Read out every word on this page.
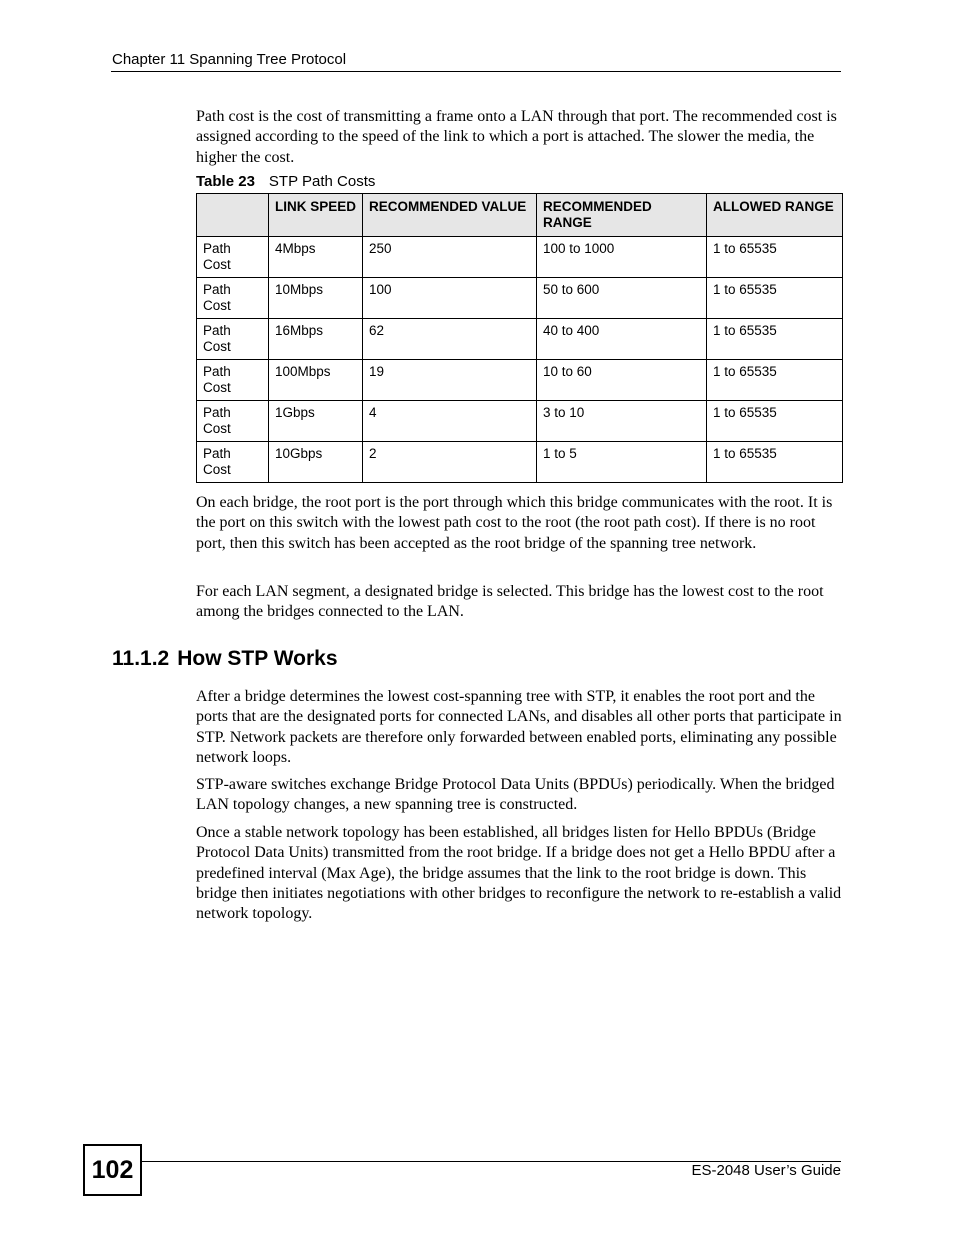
Chapter 11 Spanning Tree Protocol

Path cost is the cost of transmitting a frame onto a LAN through that port. The recommended cost is assigned according to the speed of the link to which a port is attached. The slower the media, the higher the cost.

Table 23 STP Path Costs
	LINK SPEED	RECOMMENDED VALUE	RECOMMENDED RANGE	ALLOWED RANGE
Path Cost	4Mbps	250	100 to 1000	1 to 65535
Path Cost	10Mbps	100	50 to 600	1 to 65535
Path Cost	16Mbps	62	40 to 400	1 to 65535
Path Cost	100Mbps	19	10 to 60	1 to 65535
Path Cost	1Gbps	4	3 to 10	1 to 65535
Path Cost	10Gbps	2	1 to 5	1 to 65535

On each bridge, the root port is the port through which this bridge communicates with the root. It is the port on this switch with the lowest path cost to the root (the root path cost). If there is no root port, then this switch has been accepted as the root bridge of the spanning tree network.

For each LAN segment, a designated bridge is selected. This bridge has the lowest cost to the root among the bridges connected to the LAN.

11.1.2 How STP Works

After a bridge determines the lowest cost-spanning tree with STP, it enables the root port and the ports that are the designated ports for connected LANs, and disables all other ports that participate in STP. Network packets are therefore only forwarded between enabled ports, eliminating any possible network loops.

STP-aware switches exchange Bridge Protocol Data Units (BPDUs) periodically. When the bridged LAN topology changes, a new spanning tree is constructed.

Once a stable network topology has been established, all bridges listen for Hello BPDUs (Bridge Protocol Data Units) transmitted from the root bridge. If a bridge does not get a Hello BPDU after a predefined interval (Max Age), the bridge assumes that the link to the root bridge is down. This bridge then initiates negotiations with other bridges to reconfigure the network to re-establish a valid network topology.

102	ES-2048 User’s Guide
